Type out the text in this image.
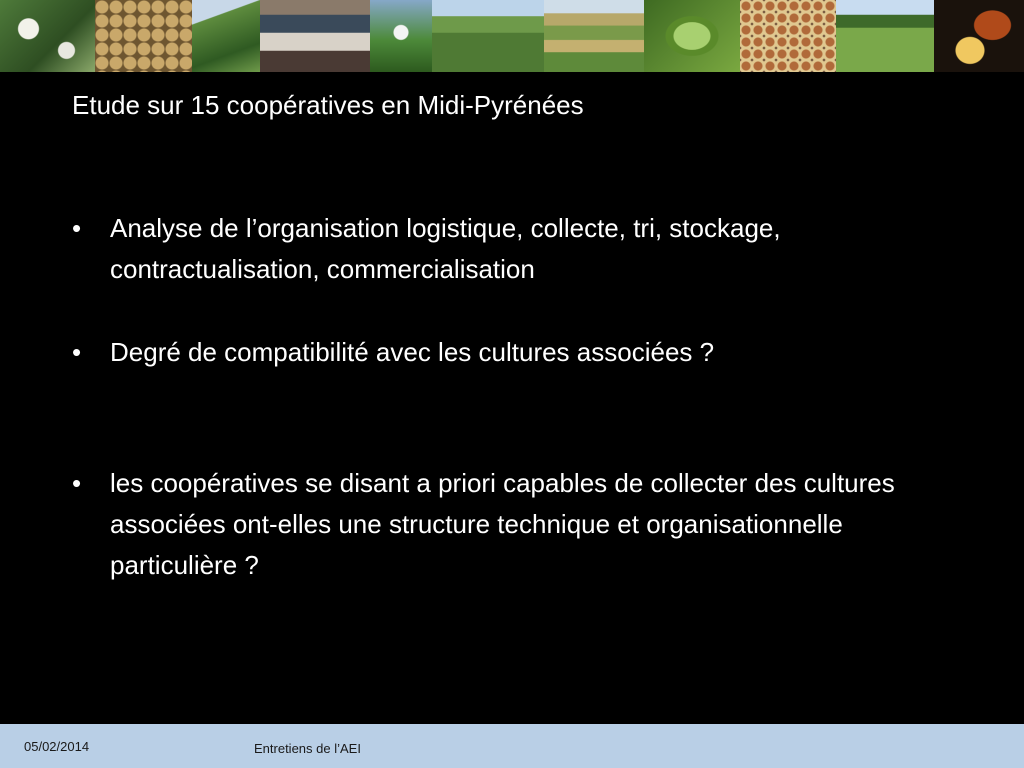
Etude sur 15 coopératives en Midi-Pyrénées
• Analyse de l’organisation logistique, collecte, tri, stockage, contractualisation, commercialisation
• Degré de compatibilité avec les cultures associées ?
• les coopératives se disant a priori capables de collecter des cultures associées ont-elles une structure technique et organisationnelle particulière ?
05/02/2014	Entretiens de l’AEI
